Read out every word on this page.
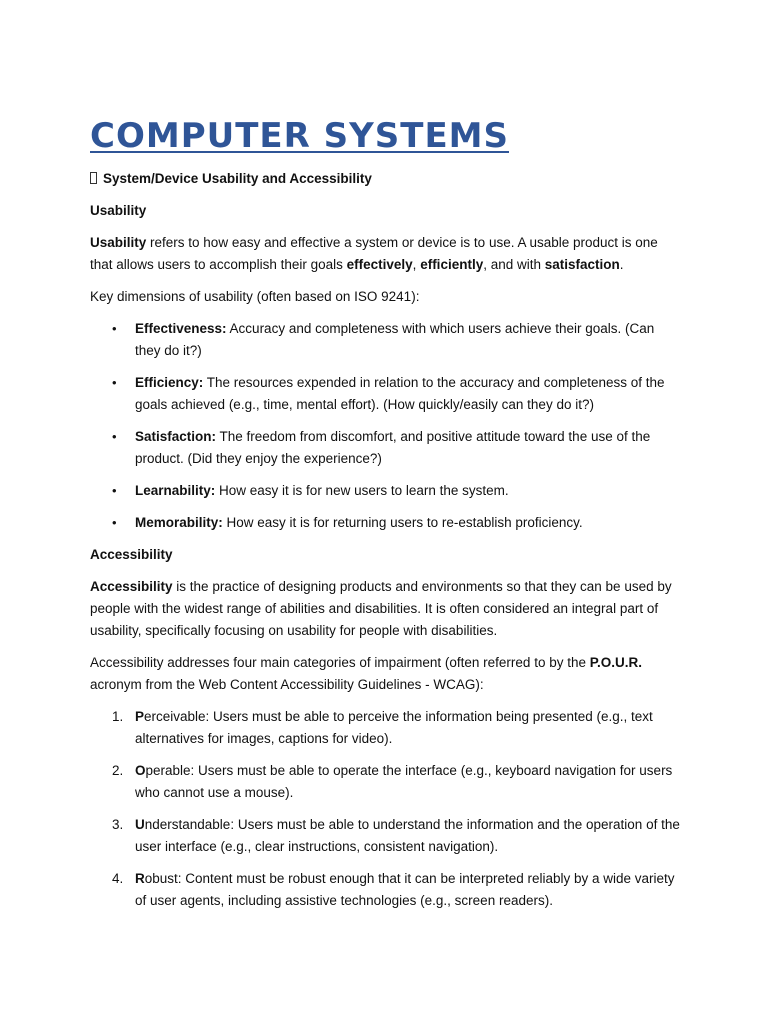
COMPUTER SYSTEMS
System/Device Usability and Accessibility
Usability

Usability refers to how easy and effective a system or device is to use. A usable product is one that allows users to accomplish their goals effectively, efficiently, and with satisfaction.

Key dimensions of usability (often based on ISO 9241):

• Effectiveness: Accuracy and completeness with which users achieve their goals. (Can they do it?)
• Efficiency: The resources expended in relation to the accuracy and completeness of the goals achieved (e.g., time, mental effort). (How quickly/easily can they do it?)
• Satisfaction: The freedom from discomfort, and positive attitude toward the use of the product. (Did they enjoy the experience?)
• Learnability: How easy it is for new users to learn the system.
• Memorability: How easy it is for returning users to re-establish proficiency.
Accessibility

Accessibility is the practice of designing products and environments so that they can be used by people with the widest range of abilities and disabilities. It is often considered an integral part of usability, specifically focusing on usability for people with disabilities.

Accessibility addresses four main categories of impairment (often referred to by the P.O.U.R. acronym from the Web Content Accessibility Guidelines - WCAG):

1. Perceivable: Users must be able to perceive the information being presented (e.g., text alternatives for images, captions for video).
2. Operable: Users must be able to operate the interface (e.g., keyboard navigation for users who cannot use a mouse).
3. Understandable: Users must be able to understand the information and the operation of the user interface (e.g., clear instructions, consistent navigation).
4. Robust: Content must be robust enough that it can be interpreted reliably by a wide variety of user agents, including assistive technologies (e.g., screen readers).
